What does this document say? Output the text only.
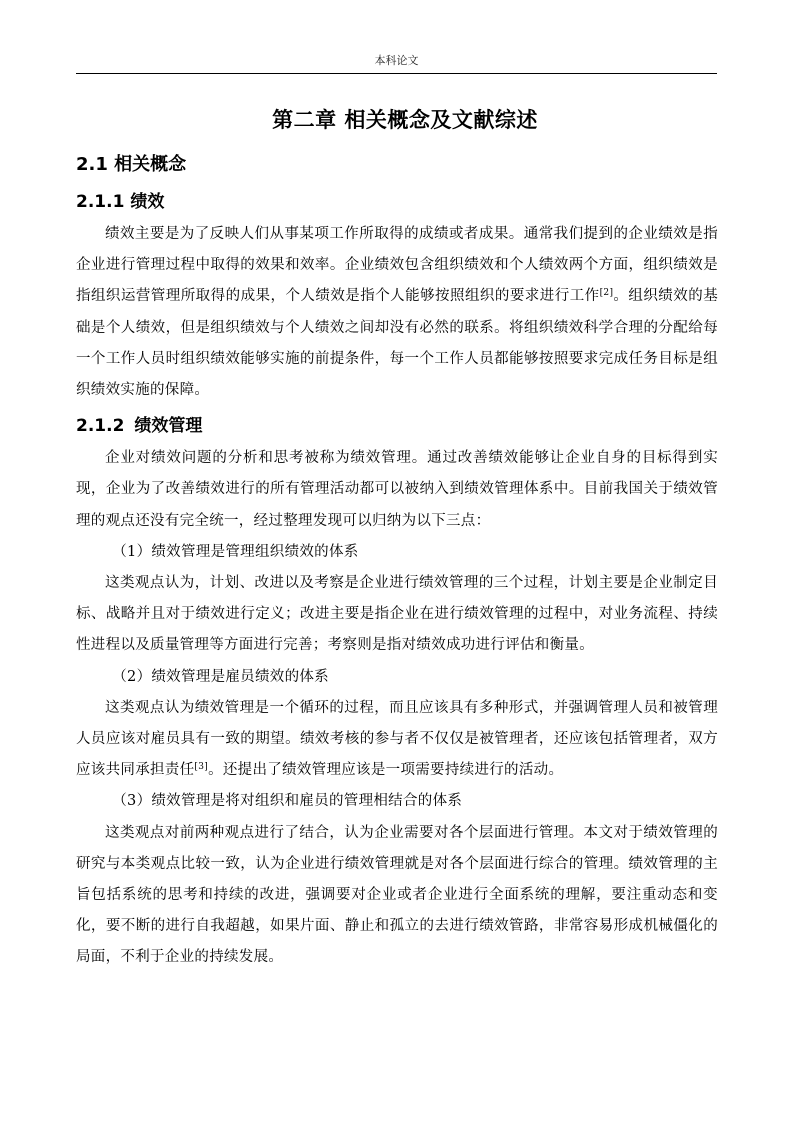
本科论文
第二章 相关概念及文献综述
2.1 相关概念
2.1.1 绩效

绩效主要是为了反映人们从事某项工作所取得的成绩或者成果。通常我们提到的企业绩效是指企业进行管理过程中取得的效果和效率。企业绩效包含组织绩效和个人绩效两个方面，组织绩效是指组织运营管理所取得的成果，个人绩效是指个人能够按照组织的要求进行工作[2]。组织绩效的基础是个人绩效，但是组织绩效与个人绩效之间却没有必然的联系。将组织绩效科学合理的分配给每一个工作人员时组织绩效能够实施的前提条件，每一个工作人员都能够按照要求完成任务目标是组织绩效实施的保障。

2.1.2 绩效管理

企业对绩效问题的分析和思考被称为绩效管理。通过改善绩效能够让企业自身的目标得到实现，企业为了改善绩效进行的所有管理活动都可以被纳入到绩效管理体系中。目前我国关于绩效管理的观点还没有完全统一，经过整理发现可以归纳为以下三点：

（1）绩效管理是管理组织绩效的体系

这类观点认为，计划、改进以及考察是企业进行绩效管理的三个过程，计划主要是企业制定目标、战略并且对于绩效进行定义；改进主要是指企业在进行绩效管理的过程中，对业务流程、持续性进程以及质量管理等方面进行完善；考察则是指对绩效成功进行评估和衡量。

（2）绩效管理是雇员绩效的体系

这类观点认为绩效管理是一个循环的过程，而且应该具有多种形式，并强调管理人员和被管理人员应该对雇员具有一致的期望。绩效考核的参与者不仅仅是被管理者，还应该包括管理者，双方应该共同承担责任[3]。还提出了绩效管理应该是一项需要持续进行的活动。

（3）绩效管理是将对组织和雇员的管理相结合的体系

这类观点对前两种观点进行了结合，认为企业需要对各个层面进行管理。本文对于绩效管理的研究与本类观点比较一致，认为企业进行绩效管理就是对各个层面进行综合的管理。绩效管理的主旨包括系统的思考和持续的改进，强调要对企业或者企业进行全面系统的理解，要注重动态和变化，要不断的进行自我超越，如果片面、静止和孤立的去进行绩效管路，非常容易形成机械僵化的局面，不利于企业的持续发展。
